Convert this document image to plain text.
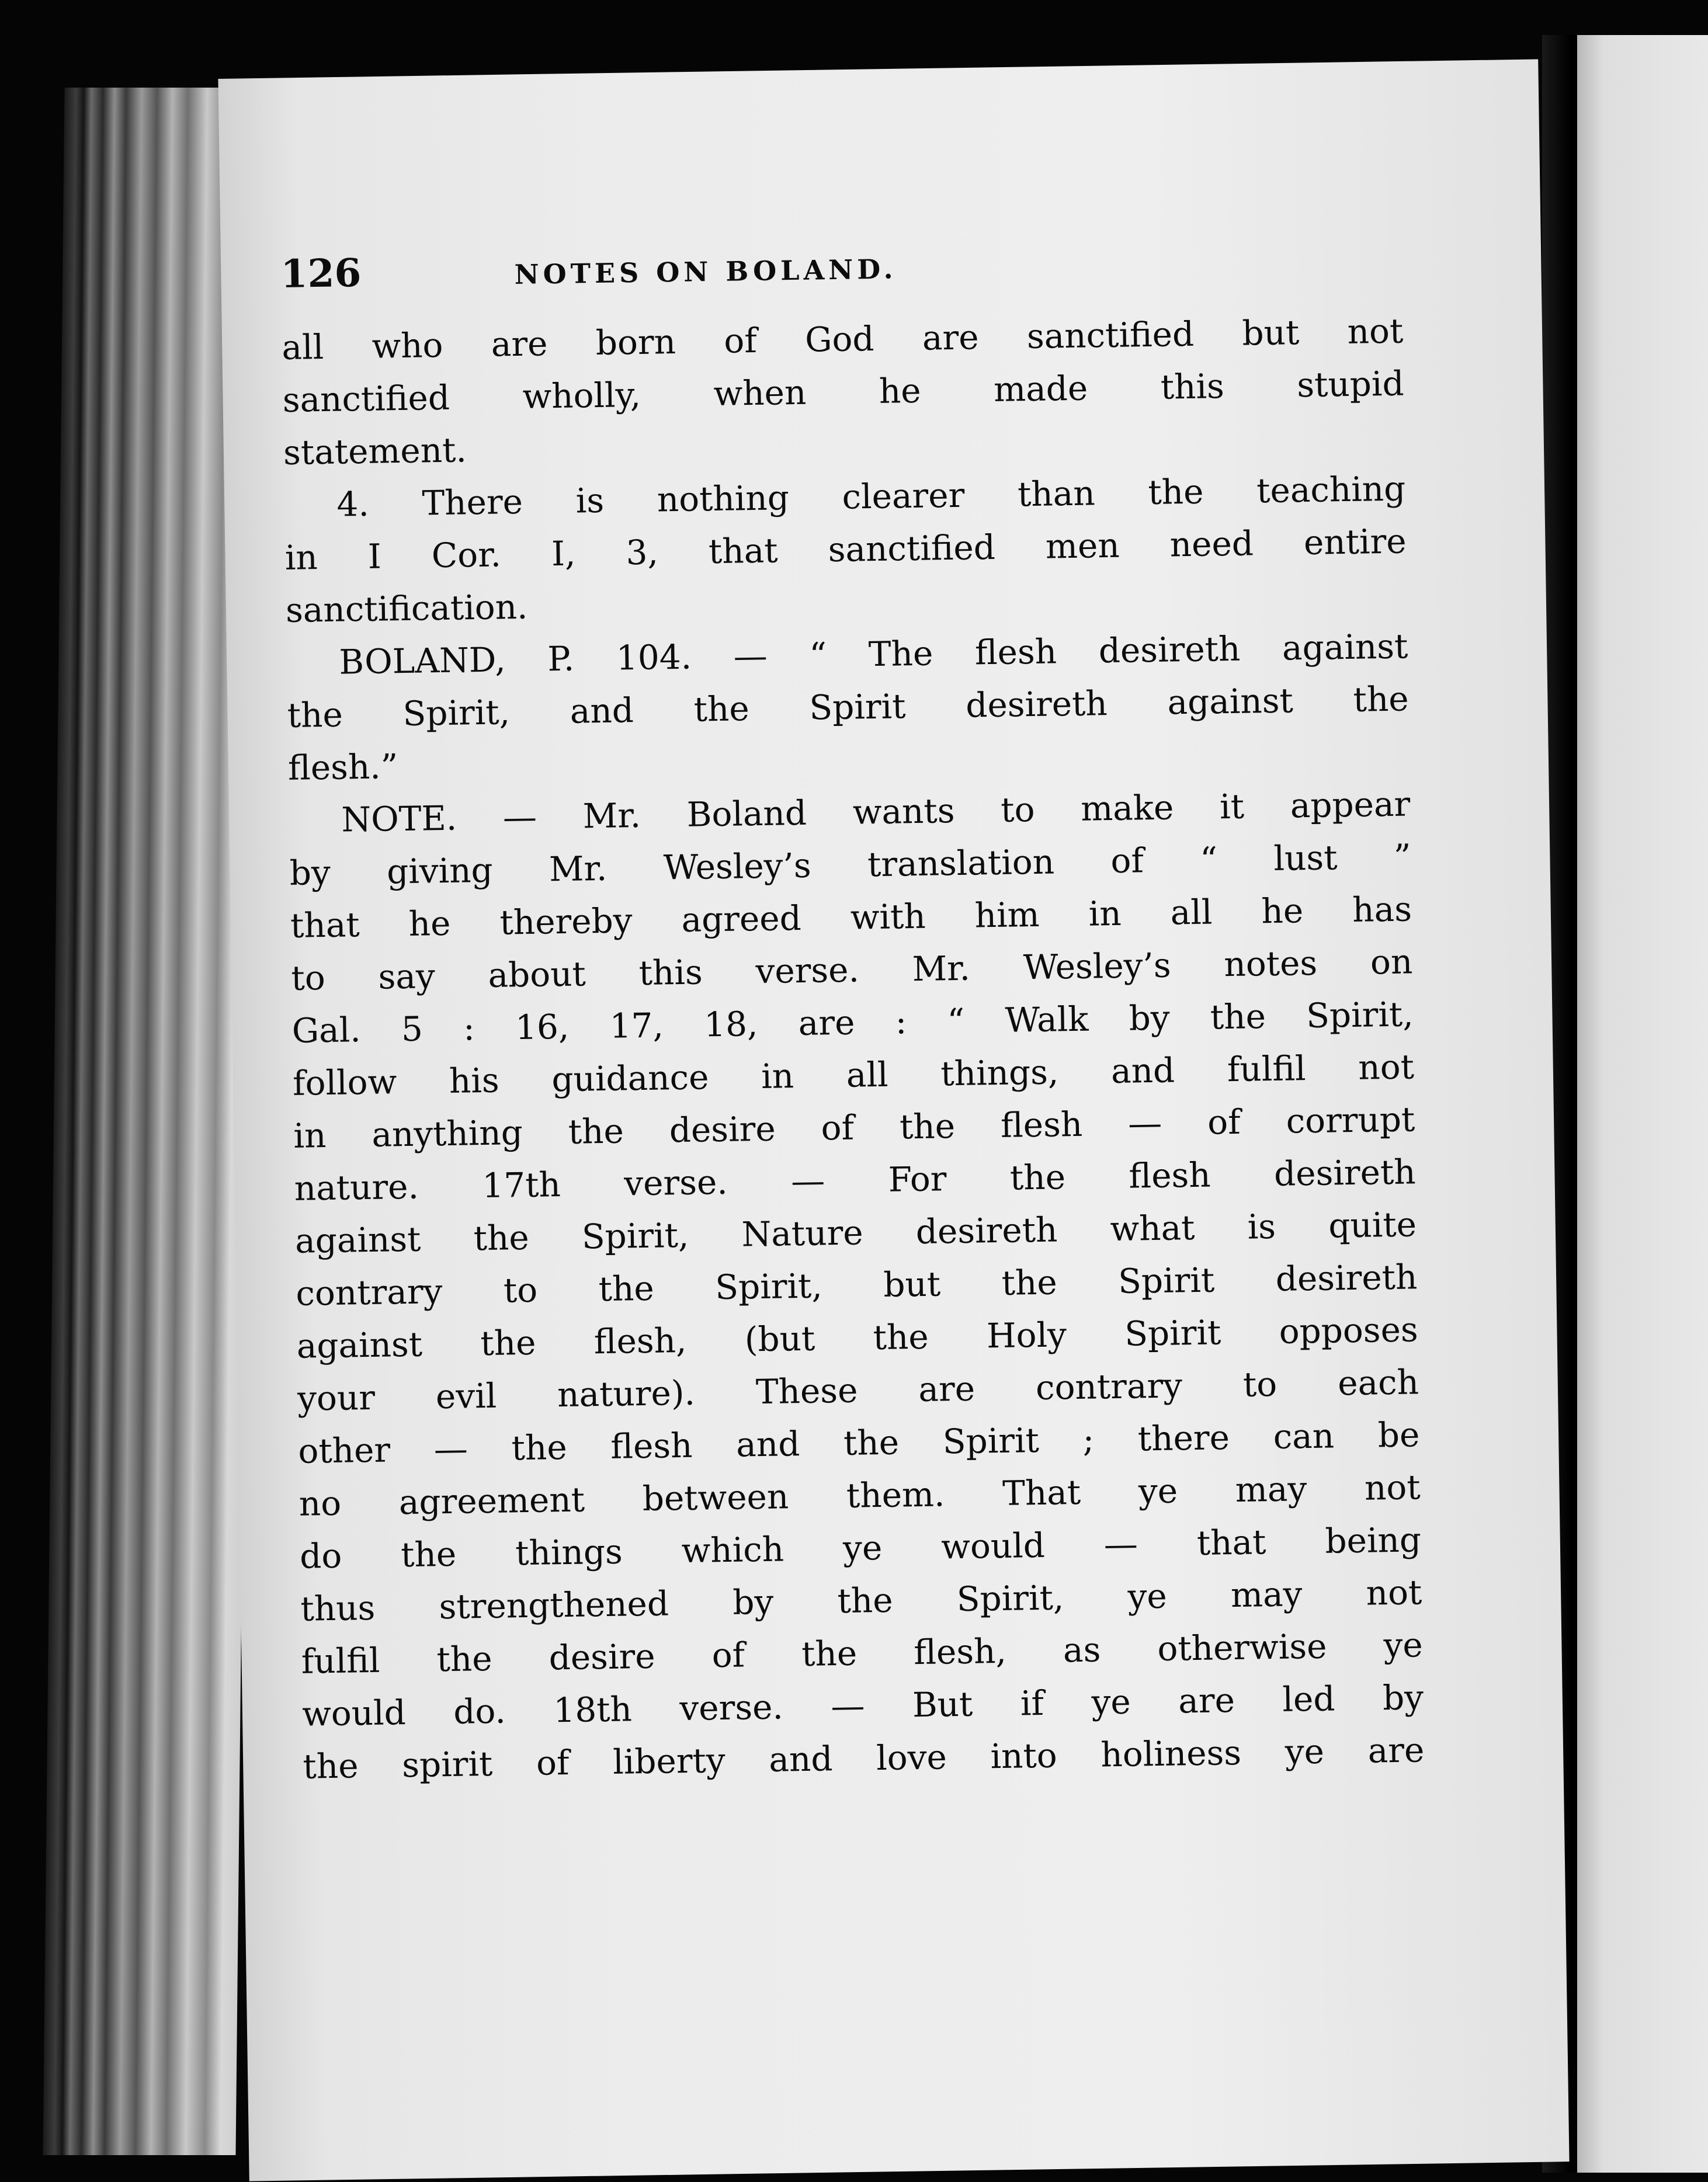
126	NOTES ON BOLAND.
all who are born of God are sanctified but not
sanctified wholly, when he made this stupid
statement.
4. There is nothing clearer than the teaching
in I Cor. I, 3, that sanctified men need entire
sanctification.
BOLAND, P. 104. — “ The flesh desireth against
the Spirit, and the Spirit desireth against the
flesh.”
NOTE. — Mr. Boland wants to make it appear
by giving Mr. Wesley’s translation of “ lust ”
that he thereby agreed with him in all he has
to say about this verse. Mr. Wesley’s notes on
Gal. 5 : 16, 17, 18, are : “ Walk by the Spirit,
follow his guidance in all things, and fulfil not
in anything the desire of the flesh — of corrupt
nature. 17th verse. — For the flesh desireth
against the Spirit, Nature desireth what is quite
contrary to the Spirit, but the Spirit desireth
against the flesh, (but the Holy Spirit opposes
your evil nature). These are contrary to each
other — the flesh and the Spirit ; there can be
no agreement between them. That ye may not
do the things which ye would — that being
thus strengthened by the Spirit, ye may not
fulfil the desire of the flesh, as otherwise ye
would do. 18th verse. — But if ye are led by
the spirit of liberty and love into holiness ye are
